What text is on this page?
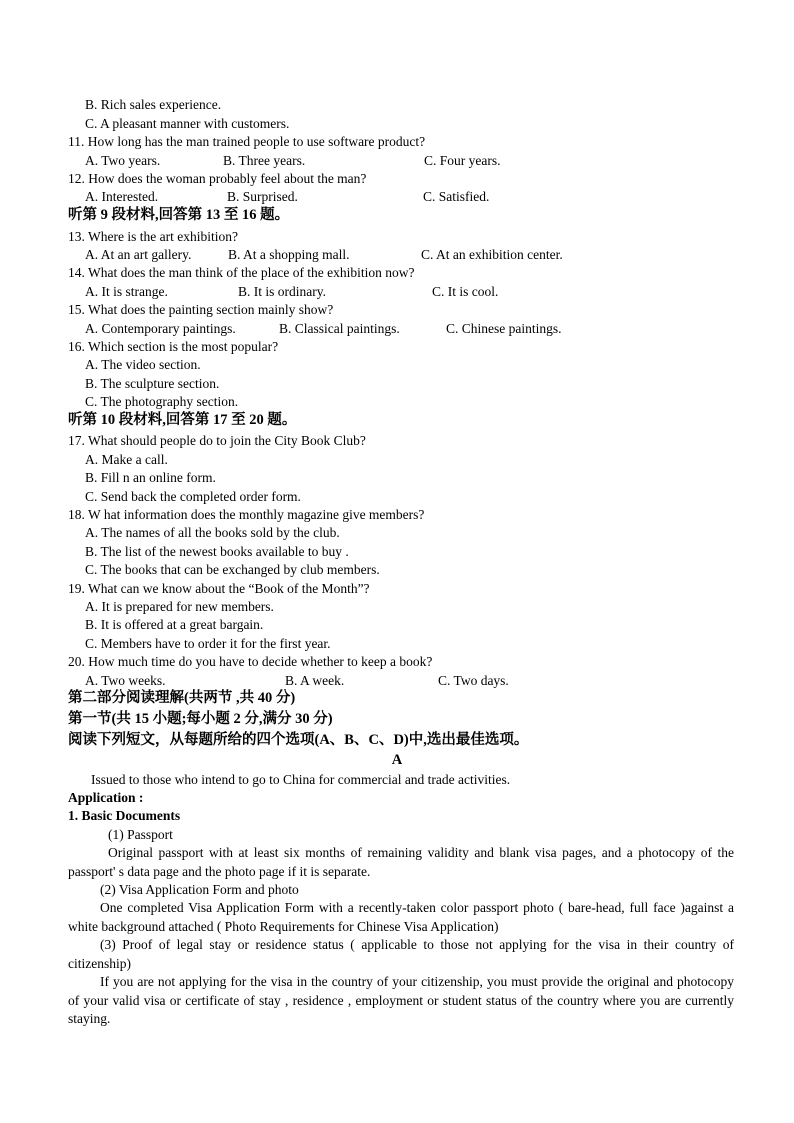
B. Rich sales experience.
C. A pleasant manner with customers.
11. How long has the man trained people to use software product?
A. Two years.	B. Three years.	C. Four years.
12. How does the woman probably feel about the man?
A. Interested.	B. Surprised.	C. Satisfied.
听第 9 段材料,回答第 13 至 16 题。
13. Where is the art exhibition?
A. At an art gallery.	B. At a shopping mall.	C. At an exhibition center.
14. What does the man think of the place of the exhibition now?
A. It is strange.	B. It is ordinary.	C. It is cool.
15. What does the painting section mainly show?
A. Contemporary paintings.	B. Classical paintings.	C. Chinese paintings.
16. Which section is the most popular?
A. The video section.
B. The sculpture section.
C. The photography section.
听第 10 段材料,回答第 17 至 20 题。
17. What should people do to join the City Book Club?
A. Make a call.
B. Fill n an online form.
C. Send back the completed order form.
18. W hat information does the monthly magazine give members?
A. The names of all the books sold by the club.
B. The list of the newest books available to buy .
C. The books that can be exchanged by club members.
19. What can we know about the “Book of the Month”?
A. It is prepared for new members.
B. It is offered at a great bargain.
C. Members have to order it for the first year.
20. How much time do you have to decide whether to keep a book?
A. Two weeks.	B. A week.	C. Two days.
第二部分阅读理解(共两节 ,共 40 分)
第一节(共 15 小题;每小题 2 分,满分 30 分)
阅读下列短文，从每题所给的四个选项(A、B、C、D)中,选出最佳选项。
A
Issued to those who intend to go to China for commercial and trade activities.
Application :
1. Basic Documents
(1) Passport
Original passport with at least six months of remaining validity and blank visa pages, and a photocopy of the passport' s data page and the photo page if it is separate.
(2) Visa Application Form and photo
One completed Visa Application Form with a recently-taken color passport photo ( bare-head, full face )against a white background attached ( Photo Requirements for Chinese Visa Application)
(3) Proof of legal stay or residence status ( applicable to those not applying for the visa in their country of citizenship)
If you are not applying for the visa in the country of your citizenship, you must provide the original and photocopy of your valid visa or certificate of stay , residence , employment or student status of the country where you are currently staying.
